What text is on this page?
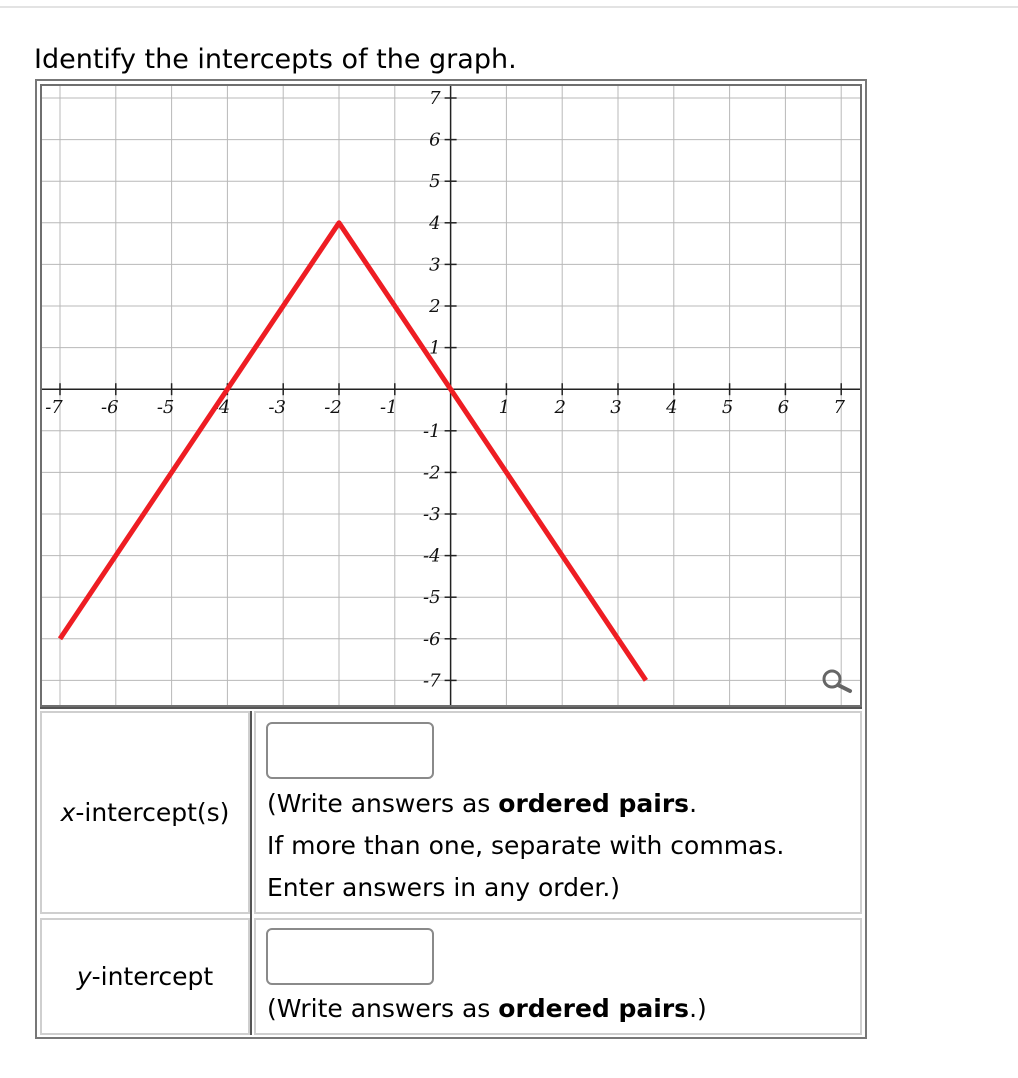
Identify the intercepts of the graph.
-7 -6 -5 -4 -3 -2 -1	1 2 3 4 5 6 7
7
6
5
4
3
2
1
-1
-2
-3
-4
-5
-6
-7
x -intercept(s) (Write answers as ordered pairs.
If more than one, separate with commas.
Enter answers in any order.)
y -intercept
(Write answers as ordered pairs.)
